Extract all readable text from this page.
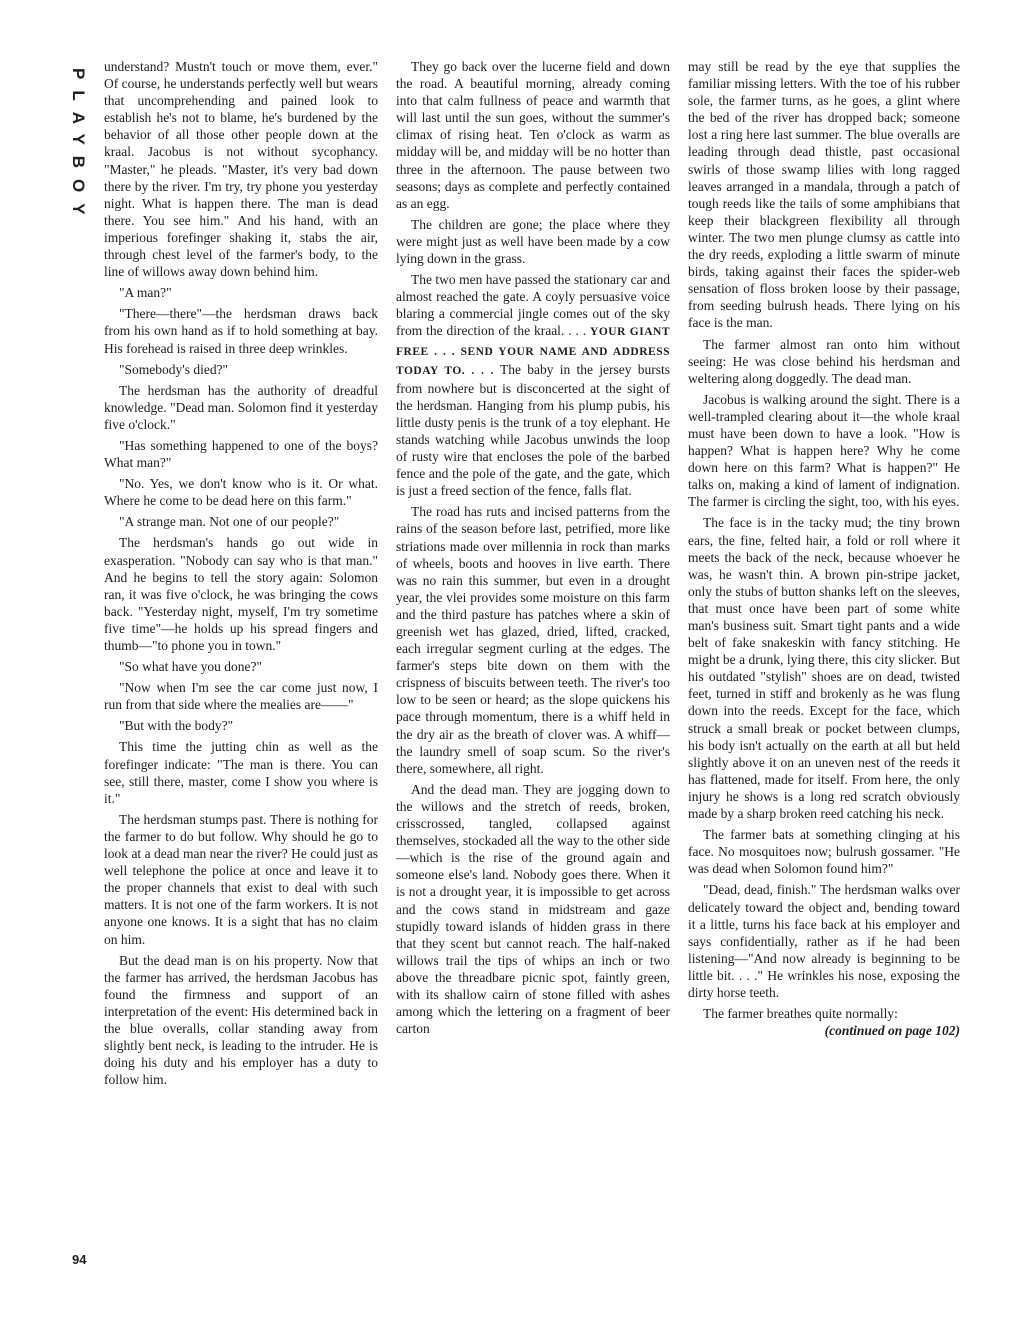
PLAYBOY

understand? Mustn't touch or move them, ever." Of course, he understands perfectly well but wears that uncomprehending and pained look to establish he's not to blame, he's burdened by the behavior of all those other people down at the kraal. Jacobus is not without sycophancy. "Master," he pleads. "Master, it's very bad down there by the river. I'm try, try phone you yesterday night. What is happen there. The man is dead there. You see him." And his hand, with an imperious forefinger shaking it, stabs the air, through chest level of the farmer's body, to the line of willows away down behind him.

"A man?"

"There—there"—the herdsman draws back from his own hand as if to hold something at bay. His forehead is raised in three deep wrinkles.

"Somebody's died?"

The herdsman has the authority of dreadful knowledge. "Dead man. Solomon find it yesterday five o'clock."

"Has something happened to one of the boys? What man?"

"No. Yes, we don't know who is it. Or what. Where he come to be dead here on this farm."

"A strange man. Not one of our people?"

The herdsman's hands go out wide in exasperation. "Nobody can say who is that man." And he begins to tell the story again: Solomon ran, it was five o'clock, he was bringing the cows back. "Yesterday night, myself, I'm try sometime five time"—he holds up his spread fingers and thumb—"to phone you in town."

"So what have you done?"

"Now when I'm see the car come just now, I run from that side where the mealies are——"

"But with the body?"

This time the jutting chin as well as the forefinger indicate: "The man is there. You can see, still there, master, come I show you where is it."

The herdsman stumps past. There is nothing for the farmer to do but follow. Why should he go to look at a dead man near the river? He could just as well telephone the police at once and leave it to the proper channels that exist to deal with such matters. It is not one of the farm workers. It is not anyone one knows. It is a sight that has no claim on him.

But the dead man is on his property. Now that the farmer has arrived, the herdsman Jacobus has found the firmness and support of an interpretation of the event: His determined back in the blue overalls, collar standing away from slightly bent neck, is leading to the intruder. He is doing his duty and his employer has a duty to follow him.

They go back over the lucerne field and down the road. A beautiful morning, already coming into that calm fullness of peace and warmth that will last until the sun goes, without the summer's climax of rising heat. Ten o'clock as warm as midday will be, and midday will be no hotter than three in the afternoon. The pause between two seasons; days as complete and perfectly contained as an egg.

The children are gone; the place where they were might just as well have been made by a cow lying down in the grass.

The two men have passed the stationary car and almost reached the gate. A coyly persuasive voice blaring a commercial jingle comes out of the sky from the direction of the kraal. . . . YOUR GIANT FREE . . . SEND YOUR NAME AND ADDRESS TODAY TO. . . . The baby in the jersey bursts from nowhere but is disconcerted at the sight of the herdsman. Hanging from his plump pubis, his little dusty penis is the trunk of a toy elephant. He stands watching while Jacobus unwinds the loop of rusty wire that encloses the pole of the barbed fence and the pole of the gate, and the gate, which is just a freed section of the fence, falls flat.

The road has ruts and incised patterns from the rains of the season before last, petrified, more like striations made over millennia in rock than marks of wheels, boots and hooves in live earth. There was no rain this summer, but even in a drought year, the vlei provides some moisture on this farm and the third pasture has patches where a skin of greenish wet has glazed, dried, lifted, cracked, each irregular segment curling at the edges. The farmer's steps bite down on them with the crispness of biscuits between teeth. The river's too low to be seen or heard; as the slope quickens his pace through momentum, there is a whiff held in the dry air as the breath of clover was. A whiff—the laundry smell of soap scum. So the river's there, somewhere, all right.

And the dead man. They are jogging down to the willows and the stretch of reeds, broken, crisscrossed, tangled, collapsed against themselves, stockaded all the way to the other side—which is the rise of the ground again and someone else's land. Nobody goes there. When it is not a drought year, it is impossible to get across and the cows stand in midstream and gaze stupidly toward islands of hidden grass in there that they scent but cannot reach. The half-naked willows trail the tips of whips an inch or two above the threadbare picnic spot, faintly green, with its shallow cairn of stone filled with ashes among which the lettering on a fragment of beer carton

may still be read by the eye that supplies the familiar missing letters. With the toe of his rubber sole, the farmer turns, as he goes, a glint where the bed of the river has dropped back; someone lost a ring here last summer. The blue overalls are leading through dead thistle, past occasional swirls of those swamp lilies with long ragged leaves arranged in a mandala, through a patch of tough reeds like the tails of some amphibians that keep their blackgreen flexibility all through winter. The two men plunge clumsy as cattle into the dry reeds, exploding a little swarm of minute birds, taking against their faces the spider-web sensation of floss broken loose by their passage, from seeding bulrush heads. There lying on his face is the man.

The farmer almost ran onto him without seeing: He was close behind his herdsman and weltering along doggedly. The dead man.

Jacobus is walking around the sight. There is a well-trampled clearing about it—the whole kraal must have been down to have a look. "How is happen? What is happen here? Why he come down here on this farm? What is happen?" He talks on, making a kind of lament of indignation. The farmer is circling the sight, too, with his eyes.

The face is in the tacky mud; the tiny brown ears, the fine, felted hair, a fold or roll where it meets the back of the neck, because whoever he was, he wasn't thin. A brown pin-stripe jacket, only the stubs of button shanks left on the sleeves, that must once have been part of some white man's business suit. Smart tight pants and a wide belt of fake snakeskin with fancy stitching. He might be a drunk, lying there, this city slicker. But his outdated "stylish" shoes are on dead, twisted feet, turned in stiff and brokenly as he was flung down into the reeds. Except for the face, which struck a small break or pocket between clumps, his body isn't actually on the earth at all but held slightly above it on an uneven nest of the reeds it has flattened, made for itself. From here, the only injury he shows is a long red scratch obviously made by a sharp broken reed catching his neck.

The farmer bats at something clinging at his face. No mosquitoes now; bulrush gossamer. "He was dead when Solomon found him?"

"Dead, dead, finish." The herdsman walks over delicately toward the object and, bending toward it a little, turns his face back at his employer and says confidentially, rather as if he had been listening—"And now already is beginning to be little bit. . . ." He wrinkles his nose, exposing the dirty horse teeth.

The farmer breathes quite normally:

(continued on page 102)

94
